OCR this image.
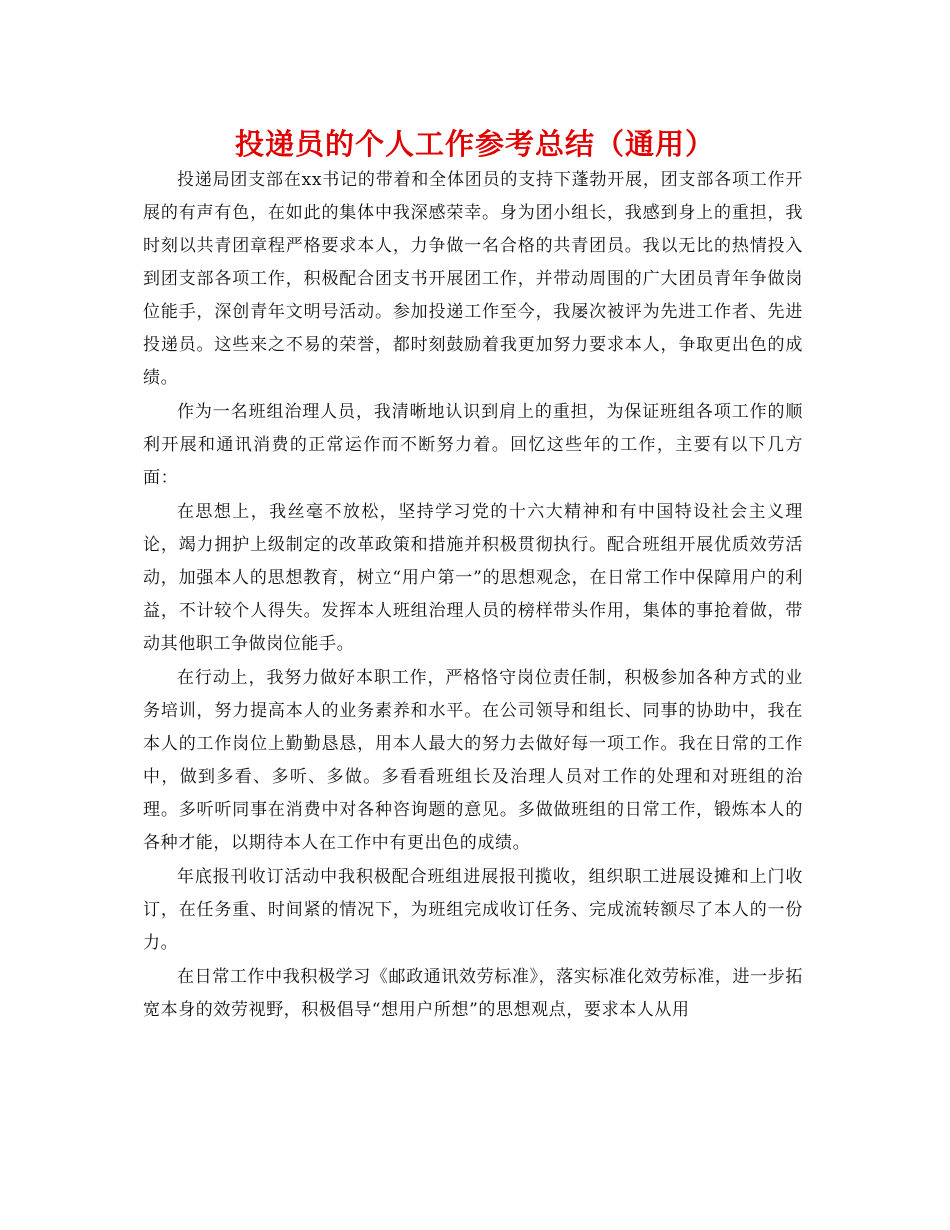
投递员的个人工作参考总结（通用）

投递局团支部在xx书记的带着和全体团员的支持下蓬勃开展，团支部各项工作开展的有声有色，在如此的集体中我深感荣幸。身为团小组长，我感到身上的重担，我时刻以共青团章程严格要求本人，力争做一名合格的共青团员。我以无比的热情投入到团支部各项工作，积极配合团支书开展团工作，并带动周围的广大团员青年争做岗位能手，深创青年文明号活动。参加投递工作至今，我屡次被评为先进工作者、先进投递员。这些来之不易的荣誉，都时刻鼓励着我更加努力要求本人，争取更出色的成绩。

作为一名班组治理人员，我清晰地认识到肩上的重担，为保证班组各项工作的顺利开展和通讯消费的正常运作而不断努力着。回忆这些年的工作，主要有以下几方面：

在思想上，我丝毫不放松，坚持学习党的十六大精神和有中国特设社会主义理论，竭力拥护上级制定的改革政策和措施并积极贯彻执行。配合班组开展优质效劳活动，加强本人的思想教育，树立“用户第一”的思想观念，在日常工作中保障用户的利益，不计较个人得失。发挥本人班组治理人员的榜样带头作用，集体的事抢着做，带动其他职工争做岗位能手。

在行动上，我努力做好本职工作，严格恪守岗位责任制，积极参加各种方式的业务培训，努力提高本人的业务素养和水平。在公司领导和组长、同事的协助中，我在本人的工作岗位上勤勤恳恳，用本人最大的努力去做好每一项工作。我在日常的工作中，做到多看、多听、多做。多看看班组长及治理人员对工作的处理和对班组的治理。多听听同事在消费中对各种咨询题的意见。多做做班组的日常工作，锻炼本人的各种才能，以期待本人在工作中有更出色的成绩。

年底报刊收订活动中我积极配合班组进展报刊揽收，组织职工进展设摊和上门收订，在任务重、时间紧的情况下，为班组完成收订任务、完成流转额尽了本人的一份力。

在日常工作中我积极学习《邮政通讯效劳标准》，落实标准化效劳标准，进一步拓宽本身的效劳视野，积极倡导“想用户所想”的思想观点，要求本人从用
